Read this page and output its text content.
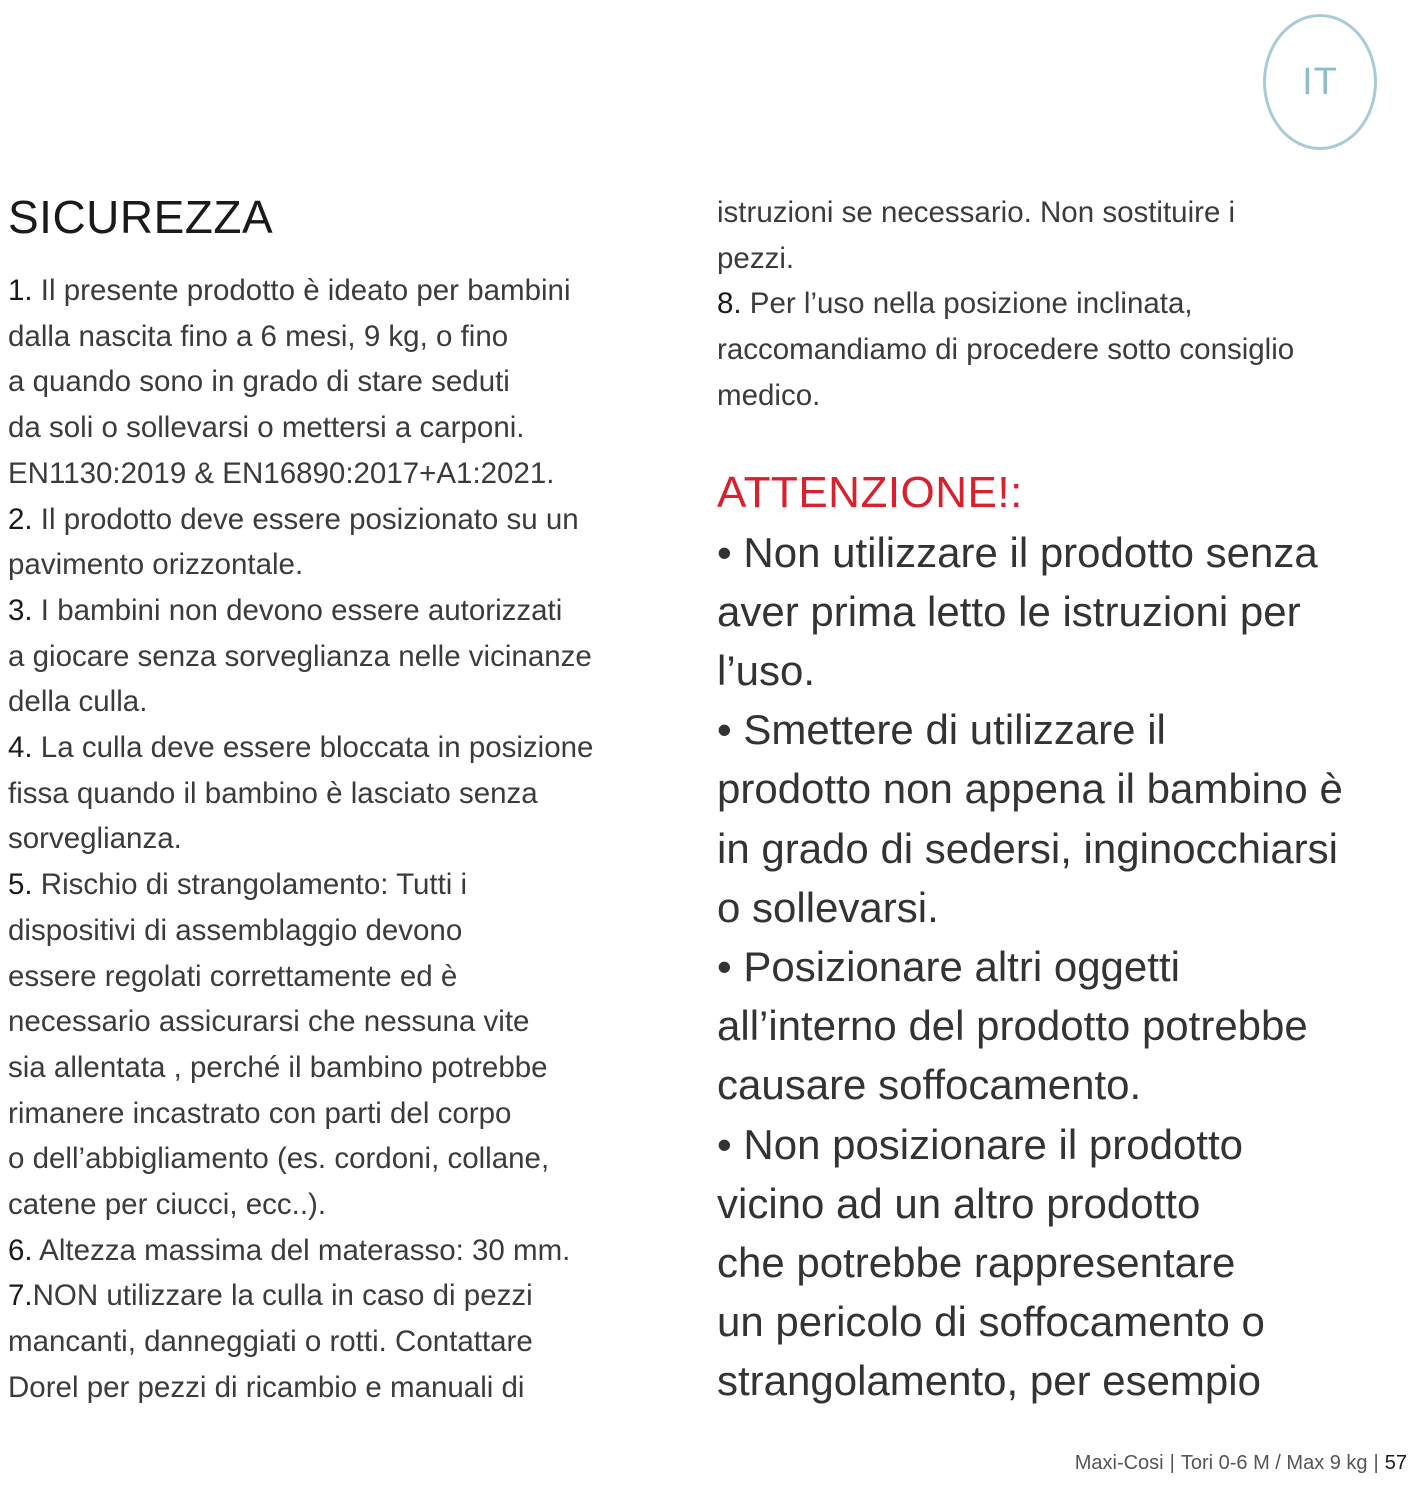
IT
SICUREZZA
1. Il presente prodotto è ideato per bambini
dalla nascita fino a 6 mesi, 9 kg, o fino
a quando sono in grado di stare seduti
da soli o sollevarsi o mettersi a carponi.
EN1130:2019 & EN16890:2017+A1:2021.
2. Il prodotto deve essere posizionato su un
pavimento orizzontale.
3. I bambini non devono essere autorizzati
a giocare senza sorveglianza nelle vicinanze
della culla.
4. La culla deve essere bloccata in posizione
fissa quando il bambino è lasciato senza
sorveglianza.
5. Rischio di strangolamento: Tutti i
dispositivi di assemblaggio devono
essere regolati correttamente ed è
necessario assicurarsi che nessuna vite
sia allentata , perché il bambino potrebbe
rimanere incastrato con parti del corpo
o dell’abbigliamento (es. cordoni, collane,
catene per ciucci, ecc..).
6. Altezza massima del materasso: 30 mm.
7.NON utilizzare la culla in caso di pezzi
mancanti, danneggiati o rotti. Contattare
Dorel per pezzi di ricambio e manuali di
istruzioni se necessario. Non sostituire i
pezzi.
8. Per l’uso nella posizione inclinata,
raccomandiamo di procedere sotto consiglio
medico.
ATTENZIONE!:
• Non utilizzare il prodotto senza
aver prima letto le istruzioni per
l’uso.
• Smettere di utilizzare il
prodotto non appena il bambino è
in grado di sedersi, inginocchiarsi
o sollevarsi.
• Posizionare altri oggetti
all’interno del prodotto potrebbe
causare soffocamento.
• Non posizionare il prodotto
vicino ad un altro prodotto
che potrebbe rappresentare
un pericolo di soffocamento o
strangolamento, per esempio
Maxi-Cosi | Tori 0-6 M / Max 9 kg | 57
